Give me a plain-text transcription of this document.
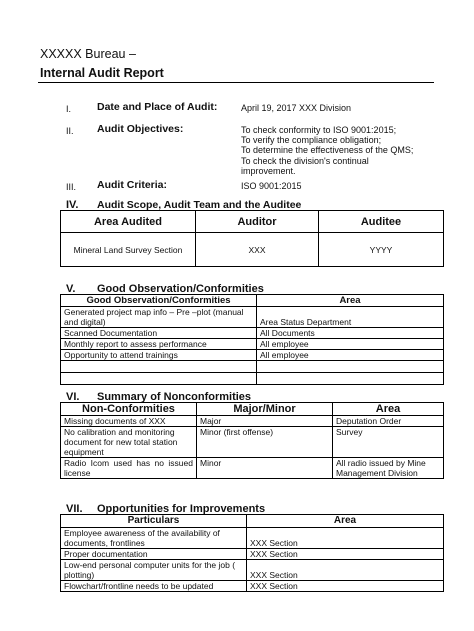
XXXXX Bureau –
Internal Audit Report
I. Date and Place of Audit:	April 19, 2017 XXX Division
II. Audit Objectives:	To check conformity to ISO 9001:2015;
To verify the compliance obligation;
To determine the effectiveness of the QMS;
To check the division's continual
improvement.
III. Audit Criteria:	ISO 9001:2015
IV. Audit Scope, Audit Team and the Auditee
Area Audited	Auditor	Auditee
Mineral Land Survey Section	XXX	YYYY
V. Good Observation/Conformities
Good Observation/Conformities	Area
Generated project map info – Pre –plot (manual and digital)	Area Status Department
Scanned Documentation	All Documents
Monthly report to assess performance	All employee
Opportunity to attend trainings	All employee

VI. Summary of Nonconformities
Non-Conformities	Major/Minor	Area
Missing documents of XXX	Major	Deputation Order
No calibration and monitoring document for new total station equipment	Minor (first offense)	Survey
Radio Icom used has no issued license	Minor	All radio issued by Mine Management Division
VII. Opportunities for Improvements
Particulars	Area
Employee awareness of the availability of documents, frontlines	XXX Section
Proper documentation	XXX Section
Low-end personal computer units for the job ( plotting)	XXX Section
Flowchart/frontline needs to be updated	XXX Section
